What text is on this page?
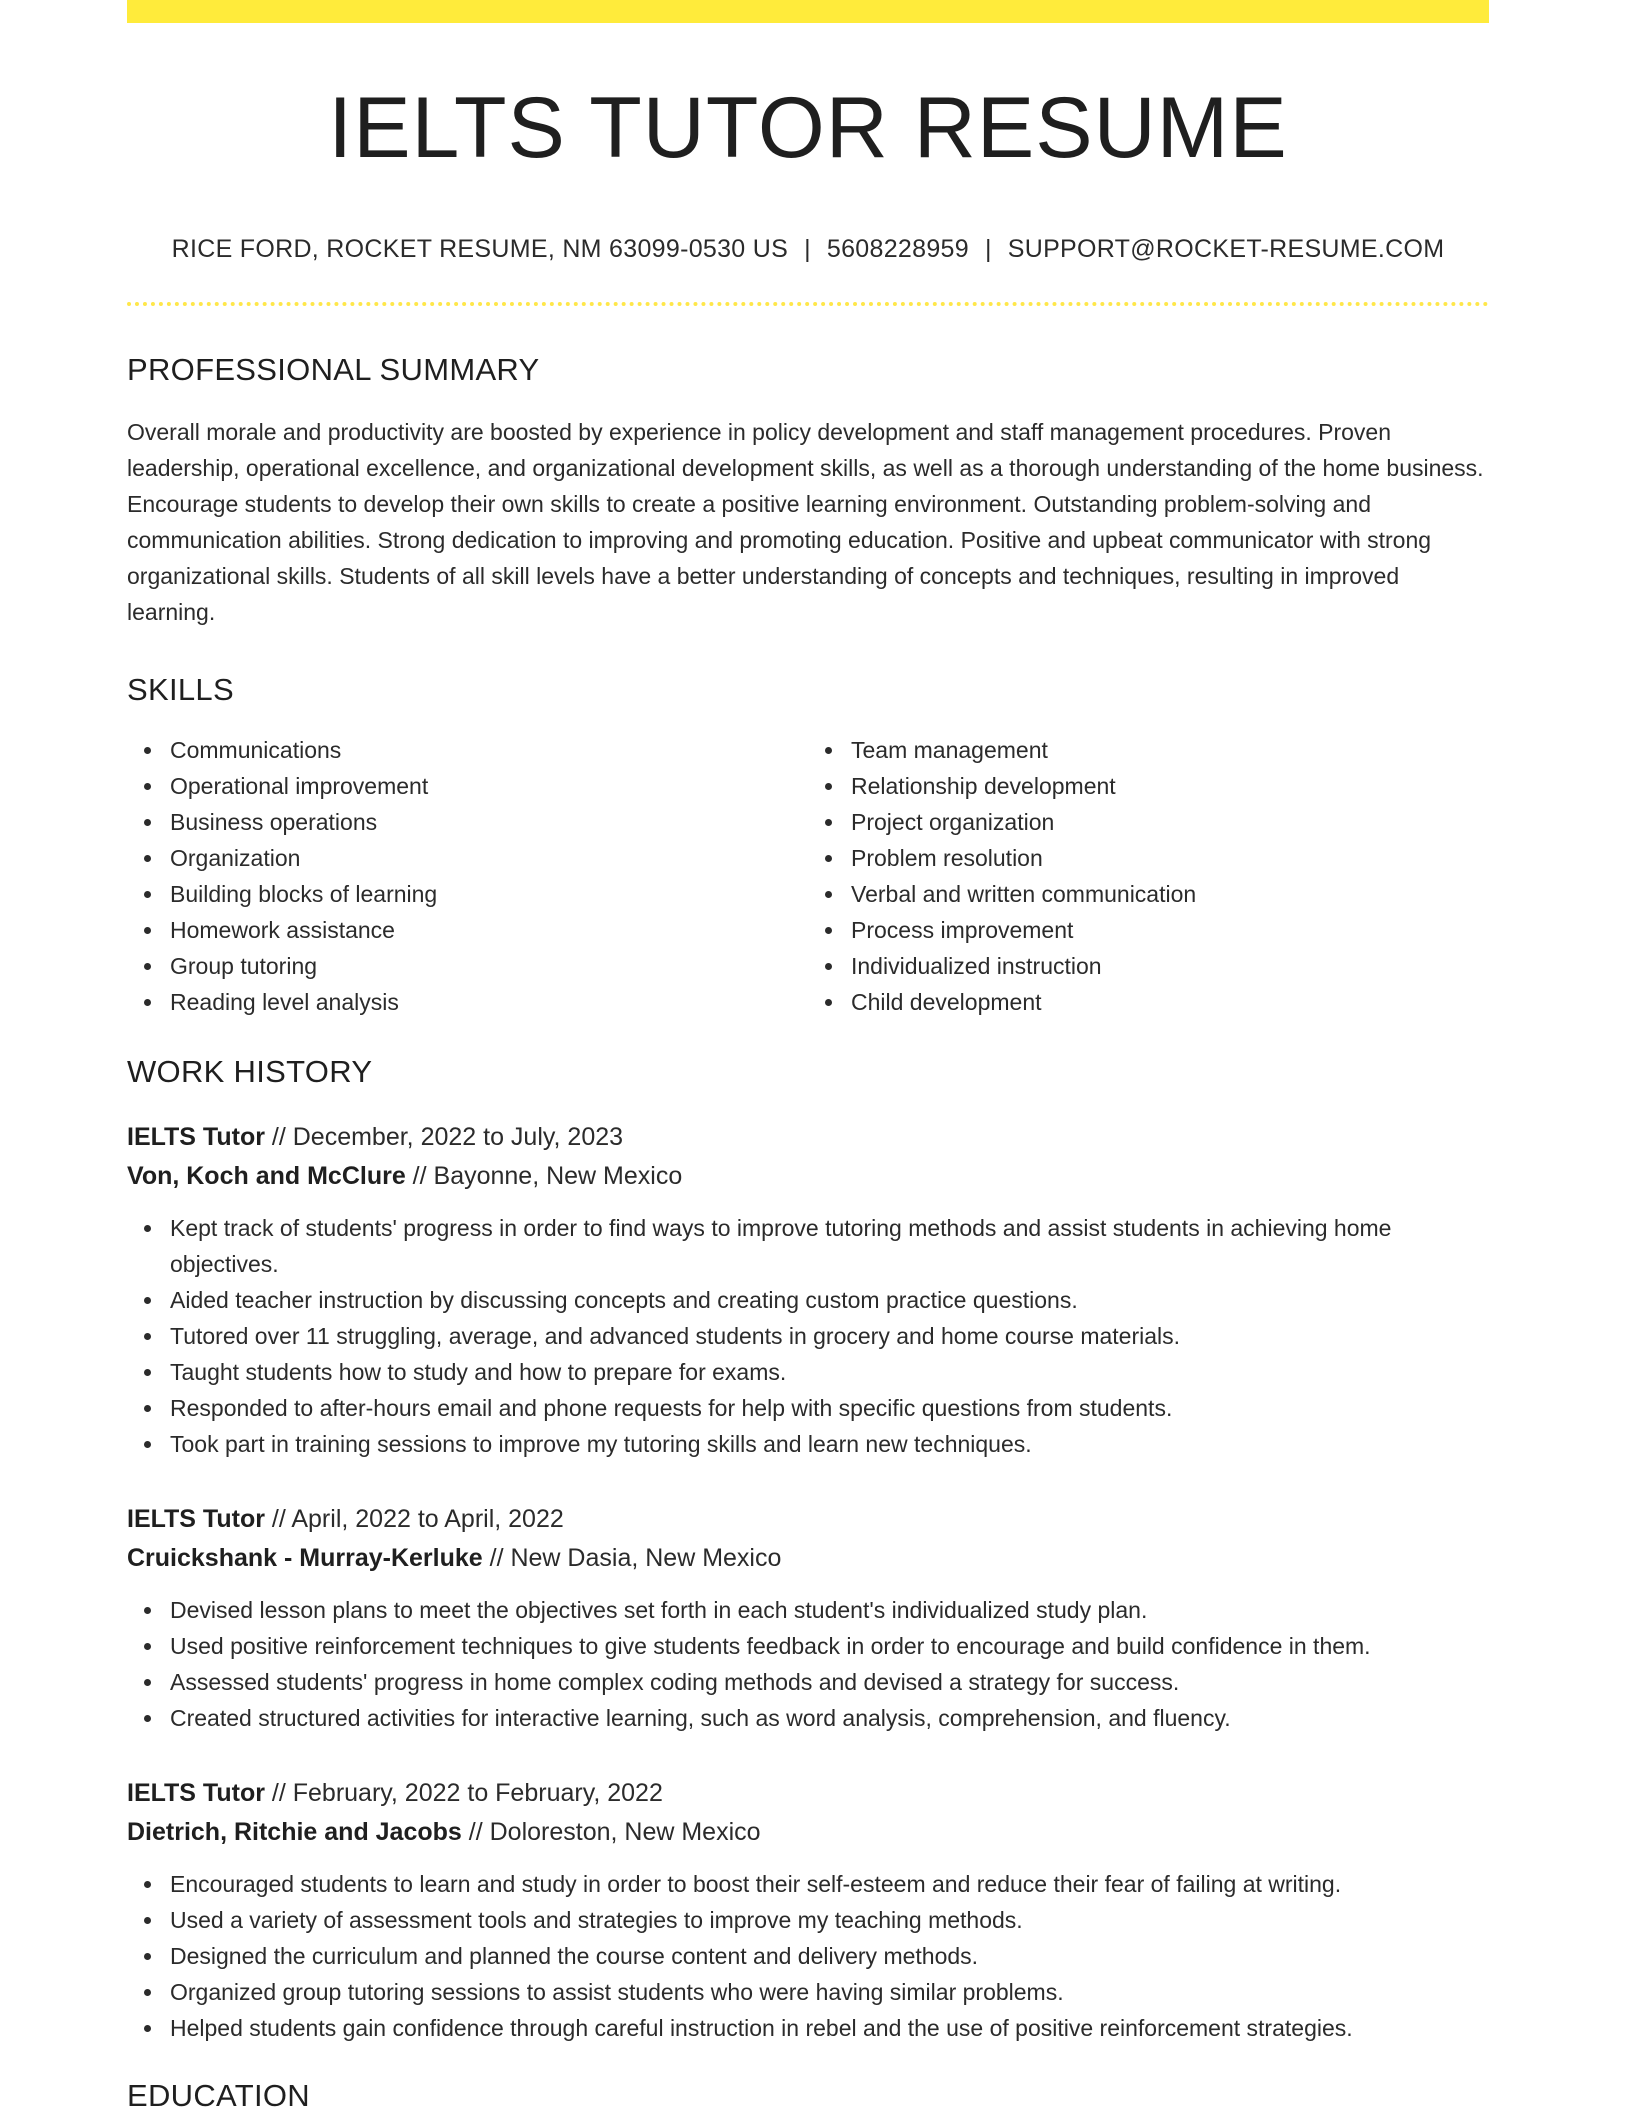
IELTS TUTOR RESUME
RICE FORD, ROCKET RESUME, NM 63099-0530 US | 5608228959 | SUPPORT@ROCKET-RESUME.COM
PROFESSIONAL SUMMARY

Overall morale and productivity are boosted by experience in policy development and staff management procedures. Proven leadership, operational excellence, and organizational development skills, as well as a thorough understanding of the home business. Encourage students to develop their own skills to create a positive learning environment. Outstanding problem-solving and communication abilities. Strong dedication to improving and promoting education. Positive and upbeat communicator with strong organizational skills. Students of all skill levels have a better understanding of concepts and techniques, resulting in improved learning.

SKILLS
Communications
Operational improvement
Business operations
Organization
Building blocks of learning
Homework assistance
Group tutoring
Reading level analysis
Team management
Relationship development
Project organization
Problem resolution
Verbal and written communication
Process improvement
Individualized instruction
Child development
WORK HISTORY
IELTS Tutor // December, 2022 to July, 2023
Von, Koch and McClure // Bayonne, New Mexico
Kept track of students' progress in order to find ways to improve tutoring methods and assist students in achieving home objectives.
Aided teacher instruction by discussing concepts and creating custom practice questions.
Tutored over 11 struggling, average, and advanced students in grocery and home course materials.
Taught students how to study and how to prepare for exams.
Responded to after-hours email and phone requests for help with specific questions from students.
Took part in training sessions to improve my tutoring skills and learn new techniques.
IELTS Tutor // April, 2022 to April, 2022
Cruickshank - Murray-Kerluke // New Dasia, New Mexico
Devised lesson plans to meet the objectives set forth in each student's individualized study plan.
Used positive reinforcement techniques to give students feedback in order to encourage and build confidence in them.
Assessed students' progress in home complex coding methods and devised a strategy for success.
Created structured activities for interactive learning, such as word analysis, comprehension, and fluency.
IELTS Tutor // February, 2022 to February, 2022
Dietrich, Ritchie and Jacobs // Doloreston, New Mexico
Encouraged students to learn and study in order to boost their self-esteem and reduce their fear of failing at writing.
Used a variety of assessment tools and strategies to improve my teaching methods.
Designed the curriculum and planned the course content and delivery methods.
Organized group tutoring sessions to assist students who were having similar problems.
Helped students gain confidence through careful instruction in rebel and the use of positive reinforcement strategies.
EDUCATION
